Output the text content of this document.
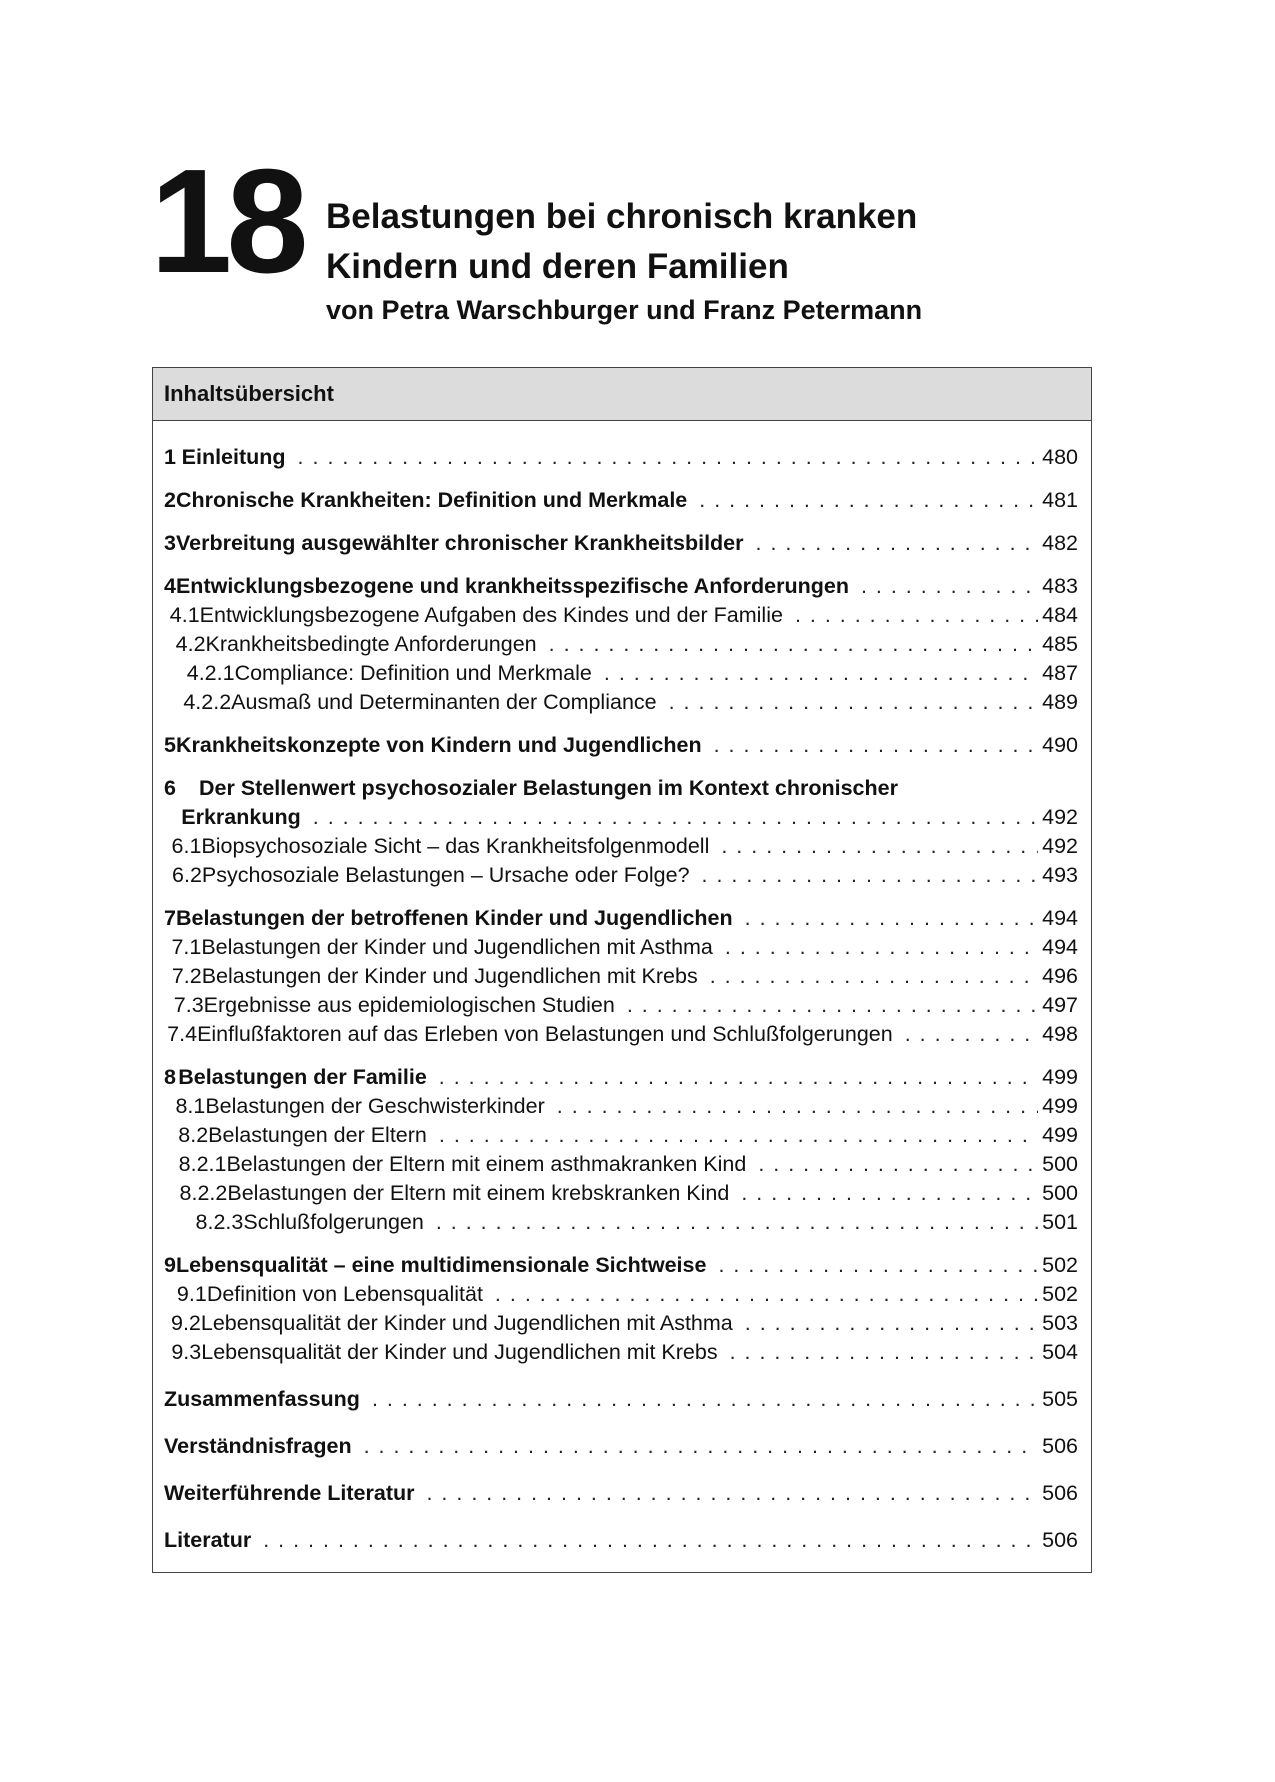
18 Belastungen bei chronisch kranken
Kindern und deren Familien
von Petra Warschburger und Franz Petermann
Inhaltsübersicht
1 Einleitung . . .	480
2 Chronische Krankheiten: Definition und Merkmale . . .	481
3 Verbreitung ausgewählter chronischer Krankheitsbilder . . .	482
4 Entwicklungsbezogene und krankheitsspezifische Anforderungen . . .	483
4.1 Entwicklungsbezogene Aufgaben des Kindes und der Familie . . .	484
4.2 Krankheitsbedingte Anforderungen . . .	485
4.2.1 Compliance: Definition und Merkmale . . .	487
4.2.2 Ausmaß und Determinanten der Compliance . . .	489
5 Krankheitskonzepte von Kindern und Jugendlichen . . .	490
6 Der Stellenwert psychosozialer Belastungen im Kontext chronischer
Erkrankung . . .	492
6.1 Biopsychosoziale Sicht – das Krankheitsfolgenmodell . . .	492
6.2 Psychosoziale Belastungen – Ursache oder Folge? . . .	493
7 Belastungen der betroffenen Kinder und Jugendlichen . . .	494
7.1 Belastungen der Kinder und Jugendlichen mit Asthma . . .	494
7.2 Belastungen der Kinder und Jugendlichen mit Krebs . . .	496
7.3 Ergebnisse aus epidemiologischen Studien . . .	497
7.4 Einflußfaktoren auf das Erleben von Belastungen und Schlußfolgerungen . . .	498
8 Belastungen der Familie . . .	499
8.1 Belastungen der Geschwisterkinder . . .	499
8.2 Belastungen der Eltern . . .	499
8.2.1 Belastungen der Eltern mit einem asthmakranken Kind . . .	500
8.2.2 Belastungen der Eltern mit einem krebskranken Kind . . .	500
8.2.3 Schlußfolgerungen . . .	501
9 Lebensqualität – eine multidimensionale Sichtweise . . .	502
9.1 Definition von Lebensqualität . . .	502
9.2 Lebensqualität der Kinder und Jugendlichen mit Asthma . . .	503
9.3 Lebensqualität der Kinder und Jugendlichen mit Krebs . . .	504
Zusammenfassung . . .	505
Verständnisfragen . . .	506
Weiterführende Literatur . . .	506
Literatur . . .	506
